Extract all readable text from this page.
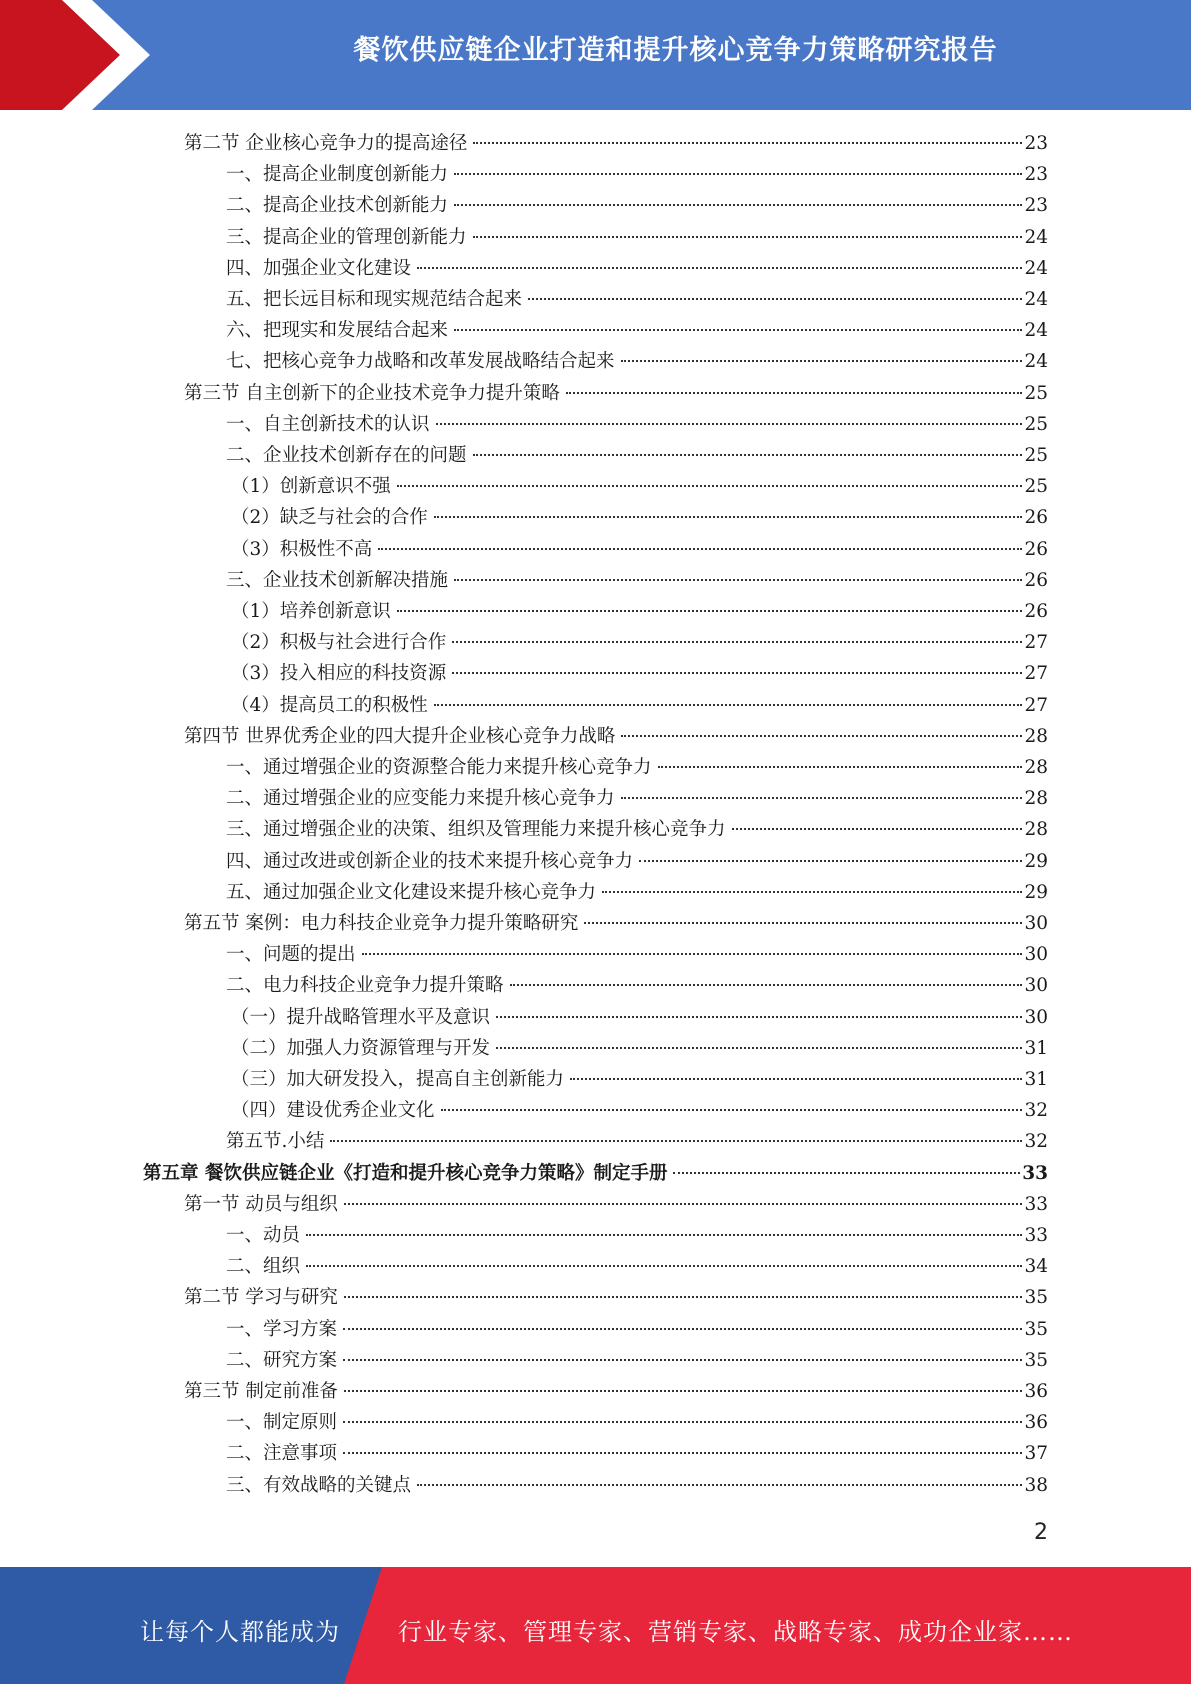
餐饮供应链企业打造和提升核心竞争力策略研究报告
第二节 企业核心竞争力的提高途径	23
一、提高企业制度创新能力	23
二、提高企业技术创新能力	23
三、提高企业的管理创新能力	24
四、加强企业文化建设	24
五、把长远目标和现实规范结合起来	24
六、把现实和发展结合起来	24
七、把核心竞争力战略和改革发展战略结合起来	24
第三节 自主创新下的企业技术竞争力提升策略	25
一、自主创新技术的认识	25
二、企业技术创新存在的问题	25
（1）创新意识不强	25
（2）缺乏与社会的合作	26
（3）积极性不高	26
三、企业技术创新解决措施	26
（1）培养创新意识	26
（2）积极与社会进行合作	27
（3）投入相应的科技资源	27
（4）提高员工的积极性	27
第四节 世界优秀企业的四大提升企业核心竞争力战略	28
一、通过增强企业的资源整合能力来提升核心竞争力	28
二、通过增强企业的应变能力来提升核心竞争力	28
三、通过增强企业的决策、组织及管理能力来提升核心竞争力	28
四、通过改进或创新企业的技术来提升核心竞争力	29
五、通过加强企业文化建设来提升核心竞争力	29
第五节 案例：电力科技企业竞争力提升策略研究	30
一、问题的提出	30
二、电力科技企业竞争力提升策略	30
（一）提升战略管理水平及意识	30
（二）加强人力资源管理与开发	31
（三）加大研发投入，提高自主创新能力	31
（四）建设优秀企业文化	32
第五节.小结	32
第五章 餐饮供应链企业《打造和提升核心竞争力策略》制定手册	33
第一节 动员与组织	33
一、动员	33
二、组织	34
第二节 学习与研究	35
一、学习方案	35
二、研究方案	35
第三节 制定前准备	36
一、制定原则	36
二、注意事项	37
三、有效战略的关键点	38
2
让每个人都能成为 行业专家、管理专家、营销专家、战略专家、成功企业家……
